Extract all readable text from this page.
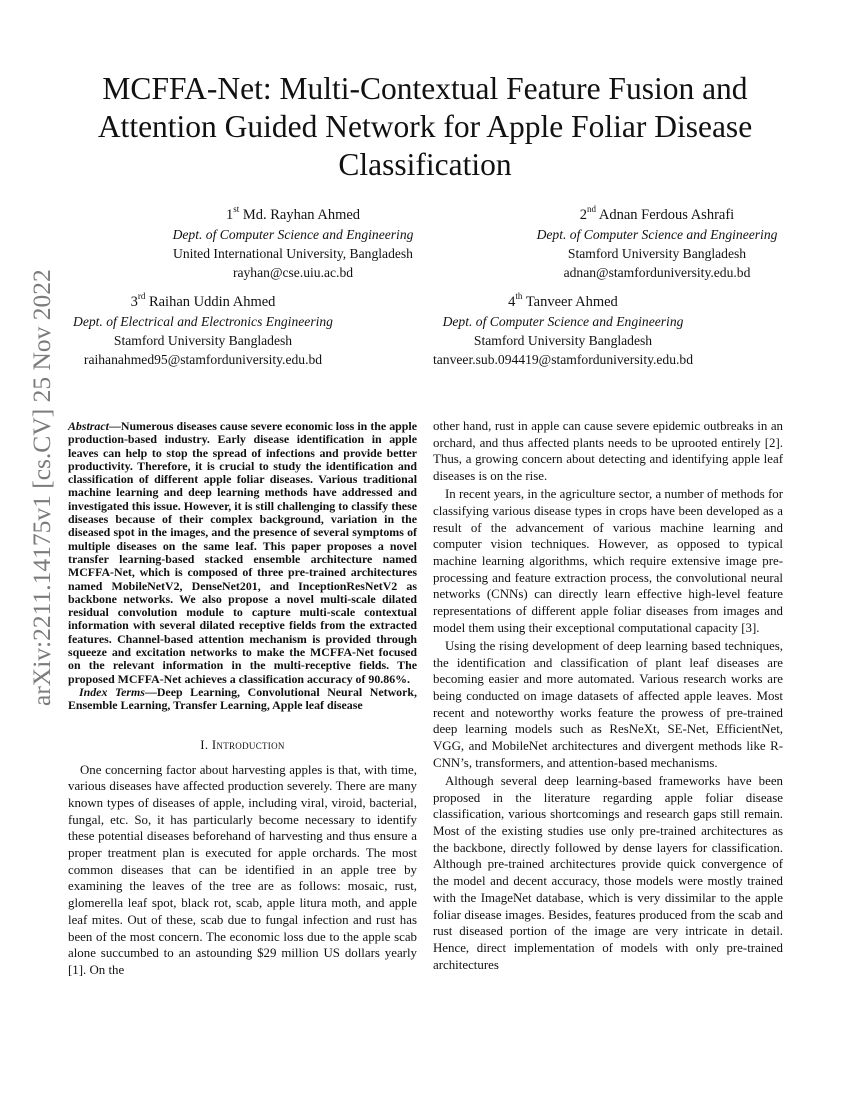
arXiv:2211.14175v1 [cs.CV] 25 Nov 2022
MCFFA-Net: Multi-Contextual Feature Fusion and Attention Guided Network for Apple Foliar Disease Classification
1st Md. Rayhan Ahmed
Dept. of Computer Science and Engineering
United International University, Bangladesh
rayhan@cse.uiu.ac.bd
2nd Adnan Ferdous Ashrafi
Dept. of Computer Science and Engineering
Stamford University Bangladesh
adnan@stamforduniversity.edu.bd
3rd Raihan Uddin Ahmed
Dept. of Electrical and Electronics Engineering
Stamford University Bangladesh
raihanahmed95@stamforduniversity.edu.bd
4th Tanveer Ahmed
Dept. of Computer Science and Engineering
Stamford University Bangladesh
tanveer.sub.094419@stamforduniversity.edu.bd

Abstract—Numerous diseases cause severe economic loss in the apple production-based industry. Early disease identification in apple leaves can help to stop the spread of infections and provide better productivity. Therefore, it is crucial to study the identification and classification of different apple foliar diseases. Various traditional machine learning and deep learning methods have addressed and investigated this issue. However, it is still challenging to classify these diseases because of their complex background, variation in the diseased spot in the images, and the presence of several symptoms of multiple diseases on the same leaf. This paper proposes a novel transfer learning-based stacked ensemble architecture named MCFFA-Net, which is composed of three pre-trained architectures named MobileNetV2, DenseNet201, and InceptionResNetV2 as backbone networks. We also propose a novel multi-scale dilated residual convolution module to capture multi-scale contextual information with several dilated receptive fields from the extracted features. Channel-based attention mechanism is provided through squeeze and excitation networks to make the MCFFA-Net focused on the relevant information in the multi-receptive fields. The proposed MCFFA-Net achieves a classification accuracy of 90.86%.

Index Terms—Deep Learning, Convolutional Neural Network, Ensemble Learning, Transfer Learning, Apple leaf disease

I. Introduction

One concerning factor about harvesting apples is that, with time, various diseases have affected production severely. There are many known types of diseases of apple, including viral, viroid, bacterial, fungal, etc. So, it has particularly become necessary to identify these potential diseases beforehand of harvesting and thus ensure a proper treatment plan is executed for apple orchards. The most common diseases that can be identified in an apple tree by examining the leaves of the tree are as follows: mosaic, rust, glomerella leaf spot, black rot, scab, apple litura moth, and apple leaf mites. Out of these, scab due to fungal infection and rust has been of the most concern. The economic loss due to the apple scab alone succumbed to an astounding $29 million US dollars yearly [1]. On the

other hand, rust in apple can cause severe epidemic outbreaks in an orchard, and thus affected plants needs to be uprooted entirely [2]. Thus, a growing concern about detecting and identifying apple leaf diseases is on the rise.

In recent years, in the agriculture sector, a number of methods for classifying various disease types in crops have been developed as a result of the advancement of various machine learning and computer vision techniques. However, as opposed to typical machine learning algorithms, which require extensive image pre-processing and feature extraction process, the convolutional neural networks (CNNs) can directly learn effective high-level feature representations of different apple foliar diseases from images and model them using their exceptional computational capacity [3].

Using the rising development of deep learning based techniques, the identification and classification of plant leaf diseases are becoming easier and more automated. Various research works are being conducted on image datasets of affected apple leaves. Most recent and noteworthy works feature the prowess of pre-trained deep learning models such as ResNeXt, SE-Net, EfficientNet, VGG, and MobileNet architectures and divergent methods like R-CNN’s, transformers, and attention-based mechanisms.

Although several deep learning-based frameworks have been proposed in the literature regarding apple foliar disease classification, various shortcomings and research gaps still remain. Most of the existing studies use only pre-trained architectures as the backbone, directly followed by dense layers for classification. Although pre-trained architectures provide quick convergence of the model and decent accuracy, those models were mostly trained with the ImageNet database, which is very dissimilar to the apple foliar disease images. Besides, features produced from the scab and rust diseased portion of the image are very intricate in detail. Hence, direct implementation of models with only pre-trained architectures
